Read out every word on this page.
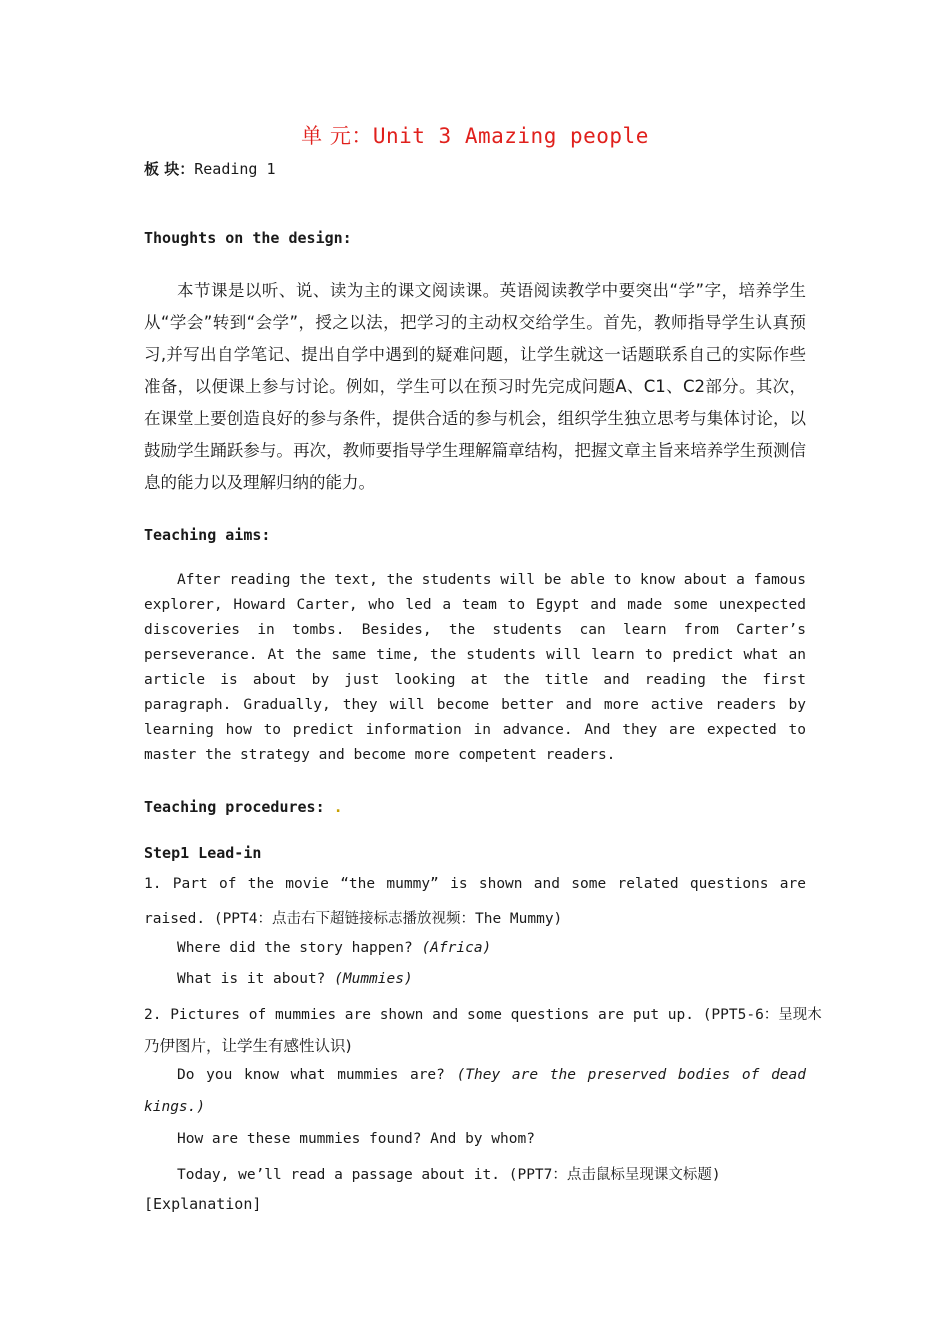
单 元：Unit 3 Amazing people
板 块：Reading 1
Thoughts on the design:
本节课是以听、说、读为主的课文阅读课。英语阅读教学中要突出“学”字，培养学生从“学会”转到“会学”，授之以法，把学习的主动权交给学生。首先，教师指导学生认真预习,并写出自学笔记、提出自学中遇到的疑难问题，让学生就这一话题联系自己的实际作些准备，以便课上参与讨论。例如，学生可以在预习时先完成问题A、C1、C2部分。其次，在课堂上要创造良好的参与条件，提供合适的参与机会，组织学生独立思考与集体讨论，以鼓励学生踊跃参与。再次，教师要指导学生理解篇章结构，把握文章主旨来培养学生预测信息的能力以及理解归纳的能力。
Teaching aims:
After reading the text, the students will be able to know about a famous explorer, Howard Carter, who led a team to Egypt and made some unexpected discoveries in tombs. Besides, the students can learn from Carter’s perseverance. At the same time, the students will learn to predict what an article is about by just looking at the title and reading the first paragraph. Gradually, they will become better and more active readers by learning how to predict information in advance. And they are expected to master the strategy and become more competent readers.
Teaching procedures: .
Step1 Lead-in
1. Part of the movie “the mummy” is shown and some related questions are
raised. (PPT4：点击右下超链接标志播放视频：The Mummy)
Where did the story happen? (Africa)
What is it about? (Mummies)
2. Pictures of mummies are shown and some questions are put up. (PPT5-6：呈现木
乃伊图片，让学生有感性认识)
Do you know what mummies are? (They are the preserved bodies of dead
kings.)
How are these mummies found? And by whom?
Today, we’ll read a passage about it. (PPT7：点击鼠标呈现课文标题)
[Explanation]
